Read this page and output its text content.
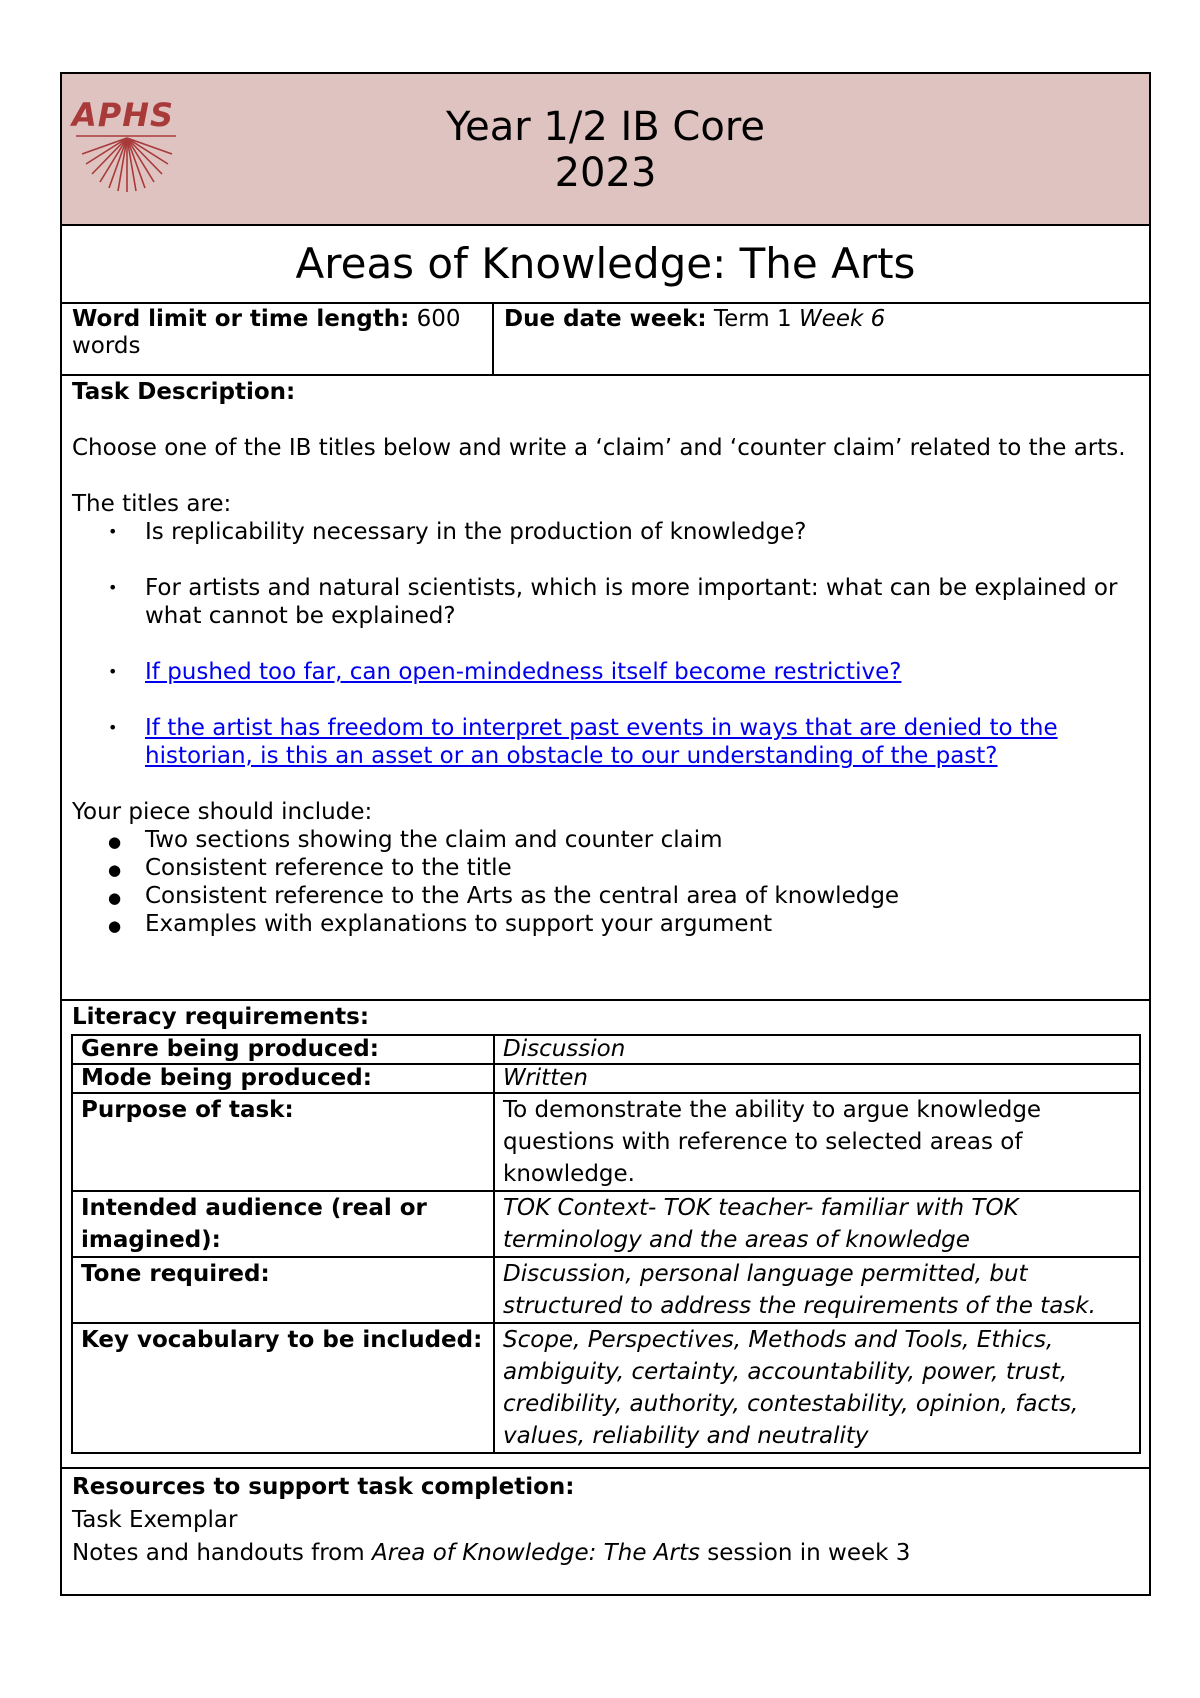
APHS	Year 1/2 IB Core
2023
Areas of Knowledge: The Arts
Word limit or time length: 600 words
Due date week: Term 1 Week 6

Task Description:

Choose one of the IB titles below and write a ‘claim’ and ‘counter claim’ related to the arts.

The titles are:

• Is replicability necessary in the production of knowledge?
• For artists and natural scientists, which is more important: what can be explained or what cannot be explained?
• If pushed too far, can open-mindedness itself become restrictive?
• If the artist has freedom to interpret past events in ways that are denied to the historian, is this an asset or an obstacle to our understanding of the past?

Your piece should include:

● Two sections showing the claim and counter claim
● Consistent reference to the title
● Consistent reference to the Arts as the central area of knowledge
● Examples with explanations to support your argument
Literacy requirements:
Genre being produced:	Discussion
Mode being produced:	Written
Purpose of task:	To demonstrate the ability to argue knowledge questions with reference to selected areas of knowledge.
Intended audience (real or imagined):	TOK Context- TOK teacher- familiar with TOK terminology and the areas of knowledge
Tone required:	Discussion, personal language permitted, but structured to address the requirements of the task.
Key vocabulary to be included:	Scope, Perspectives, Methods and Tools, Ethics, ambiguity, certainty, accountability, power, trust, credibility, authority, contestability, opinion, facts, values, reliability and neutrality
Resources to support task completion:
Task Exemplar
Notes and handouts from Area of Knowledge: The Arts session in week 3
